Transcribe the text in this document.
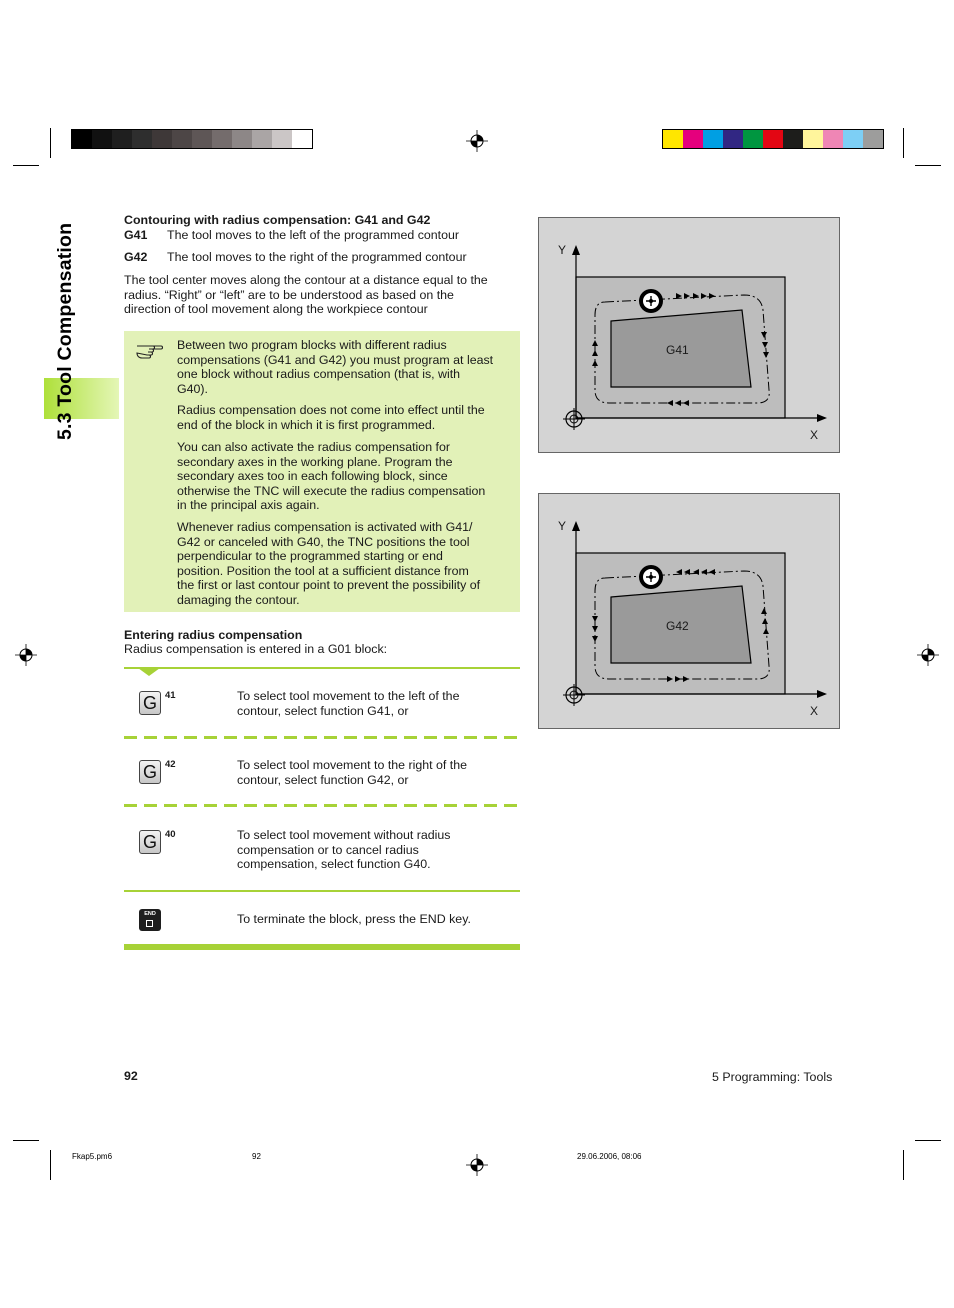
5.3 Tool Compensation
Contouring with radius compensation: G41 and G42
G41 The tool moves to the left of the programmed contour
G42 The tool moves to the right of the programmed contour
The tool center moves along the contour at a distance equal to the
radius. “Right” or “left” are to be understood as based on the
direction of tool movement along the workpiece contour
Between two program blocks with different radius
compensations (G41 and G42) you must program at least
one block without radius compensation (that is, with
G40).
Radius compensation does not come into effect until the
end of the block in which it is first programmed.
You can also activate the radius compensation for
secondary axes in the working plane. Program the
secondary axes too in each following block, since
otherwise the TNC will execute the radius compensation
in the principal axis again.
Whenever radius compensation is activated with G41/
G42 or canceled with G40, the TNC positions the tool
perpendicular to the programmed starting or end
position. Position the tool at a sufficient distance from
the first or last contour point to prevent the possibility of
damaging the contour.
Entering radius compensation
Radius compensation is entered in a G01 block:
G 41	To select tool movement to the left of the
contour, select function G41, or
G 42	To select tool movement to the right of the
contour, select function G42, or
G 40	To select tool movement without radius
compensation or to cancel radius
compensation, select function G40.
END	To terminate the block, press the END key.
G41
Y
X
G42
Y
X
92	5 Programming: Tools
Fkap5.pm6	92	29.06.2006, 08:06
